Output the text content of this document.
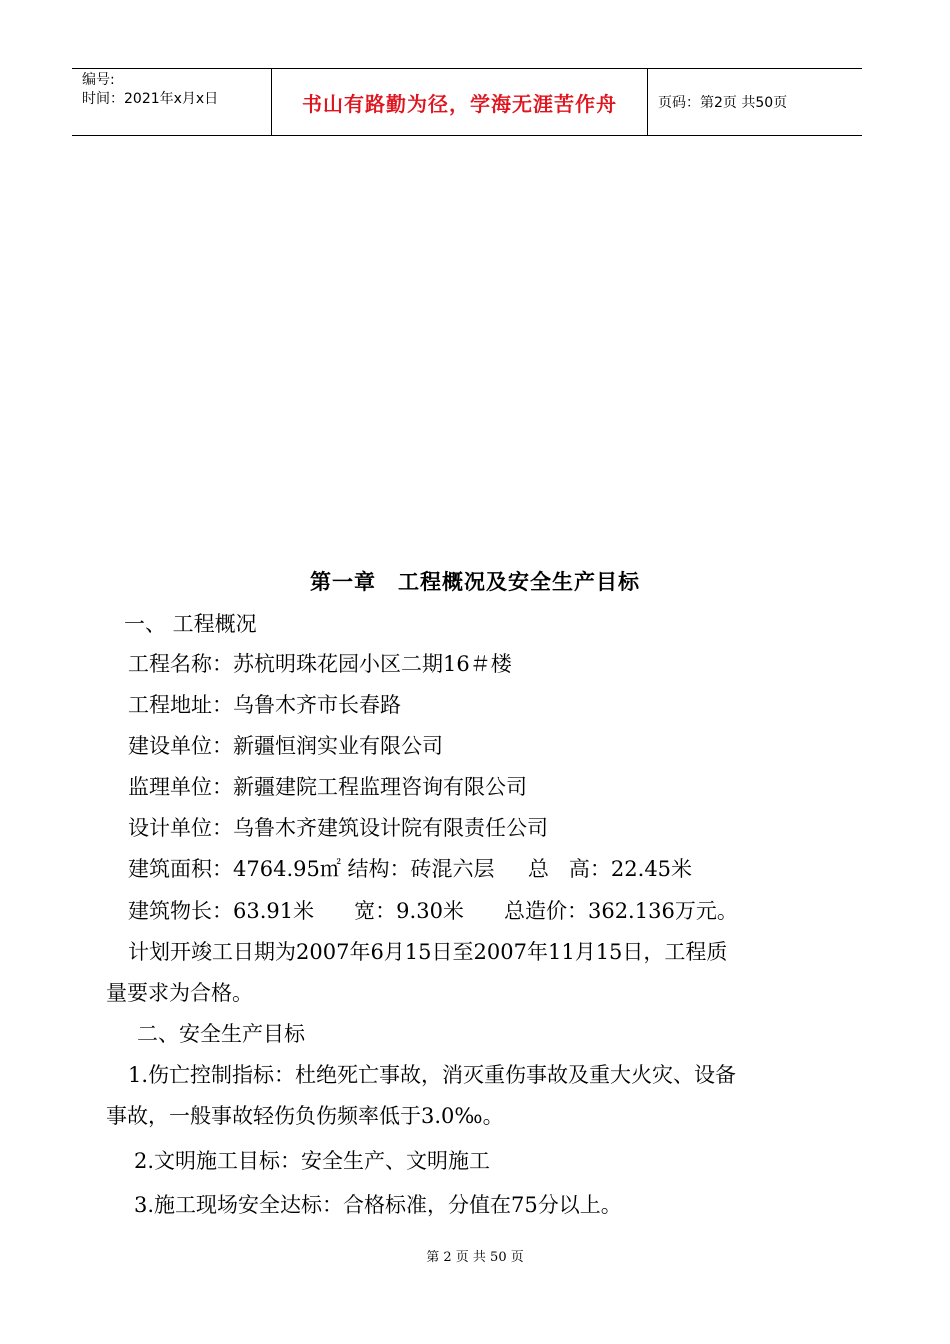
编号:
时间：2021年x月x日	书山有路勤为径，学海无涯苦作舟	页码：第2页 共50页
第一章　工程概况及安全生产目标
一、 工程概况
工程名称：苏杭明珠花园小区二期16＃楼
工程地址：乌鲁木齐市长春路
建设单位：新疆恒润实业有限公司
监理单位：新疆建院工程监理咨询有限公司
设计单位：乌鲁木齐建筑设计院有限责任公司
建筑面积：4764.95㎡ 结构：砖混六层     总   高：22.45米
建筑物长：63.91米      宽：9.30米      总造价：362.136万元。
计划开竣工日期为2007年6月15日至2007年11月15日，工程质
量要求为合格。
二、安全生产目标
1.伤亡控制指标：杜绝死亡事故，消灭重伤事故及重大火灾、设备
事故，一般事故轻伤负伤频率低于3.0‰。
2.文明施工目标：安全生产、文明施工
3.施工现场安全达标：合格标准，分值在75分以上。
第 2 页 共 50 页
